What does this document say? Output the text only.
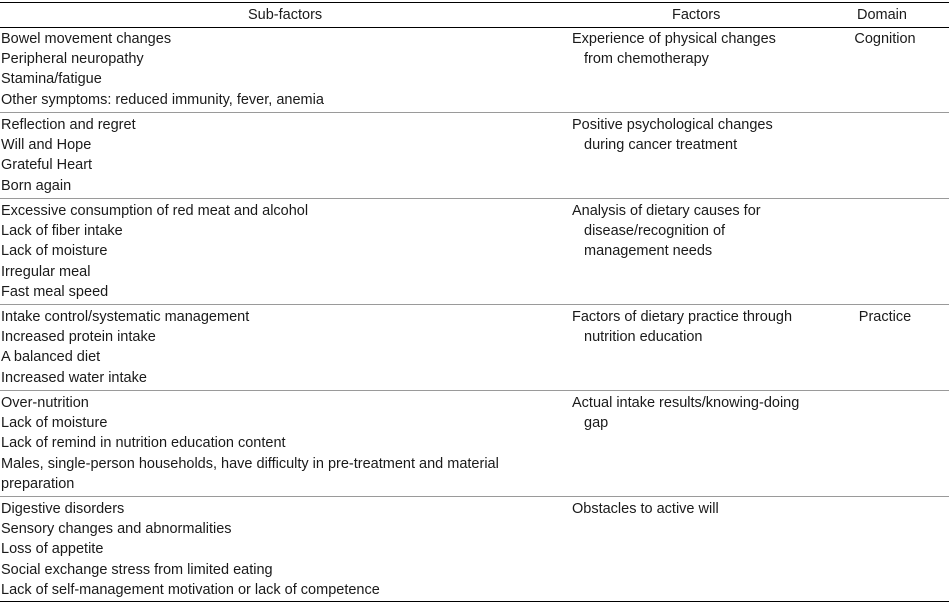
Sub-factors	Factors	Domain
Bowel movement changes
Peripheral neuropathy
Stamina/fatigue
Other symptoms: reduced immunity, fever, anemia
Experience of physical changes
from chemotherapy
Cognition
Reflection and regret
Will and Hope
Grateful Heart
Born again
Positive psychological changes
during cancer treatment
Excessive consumption of red meat and alcohol
Lack of fiber intake
Lack of moisture
Irregular meal
Fast meal speed
Analysis of dietary causes for
disease/recognition of
management needs
Intake control/systematic management
Increased protein intake
A balanced diet
Increased water intake
Factors of dietary practice through
nutrition education
Practice
Over-nutrition
Lack of moisture
Lack of remind in nutrition education content
Males, single-person households, have difficulty in pre-treatment and material preparation
Actual intake results/knowing-doing
gap
Digestive disorders
Sensory changes and abnormalities
Loss of appetite
Social exchange stress from limited eating
Lack of self-management motivation or lack of competence
Obstacles to active will
